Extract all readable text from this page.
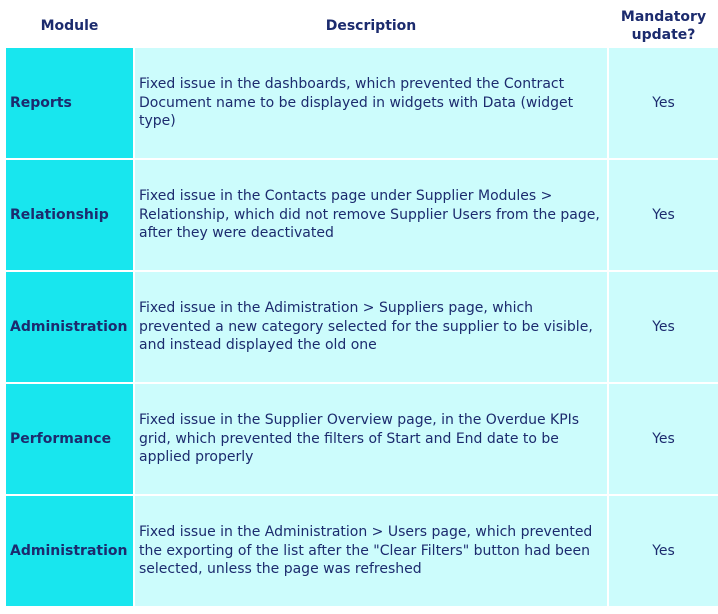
Module	Description	Mandatory update?
Reports	Fixed issue in the dashboards, which prevented the Contract Document name to be displayed in widgets with Data (widget type)	Yes
Relationship	Fixed issue in the Contacts page under Supplier Modules > Relationship, which did not remove Supplier Users from the page, after they were deactivated	Yes
Administration	Fixed issue in the Adimistration > Suppliers page, which prevented a new category selected for the supplier to be visible, and instead displayed the old one	Yes
Performance	Fixed issue in the Supplier Overview page, in the Overdue KPIs grid, which prevented the filters of Start and End date to be applied properly	Yes
Administration	Fixed issue in the Administration > Users page, which prevented the exporting of the list after the "Clear Filters" button had been selected, unless the page was refreshed	Yes
